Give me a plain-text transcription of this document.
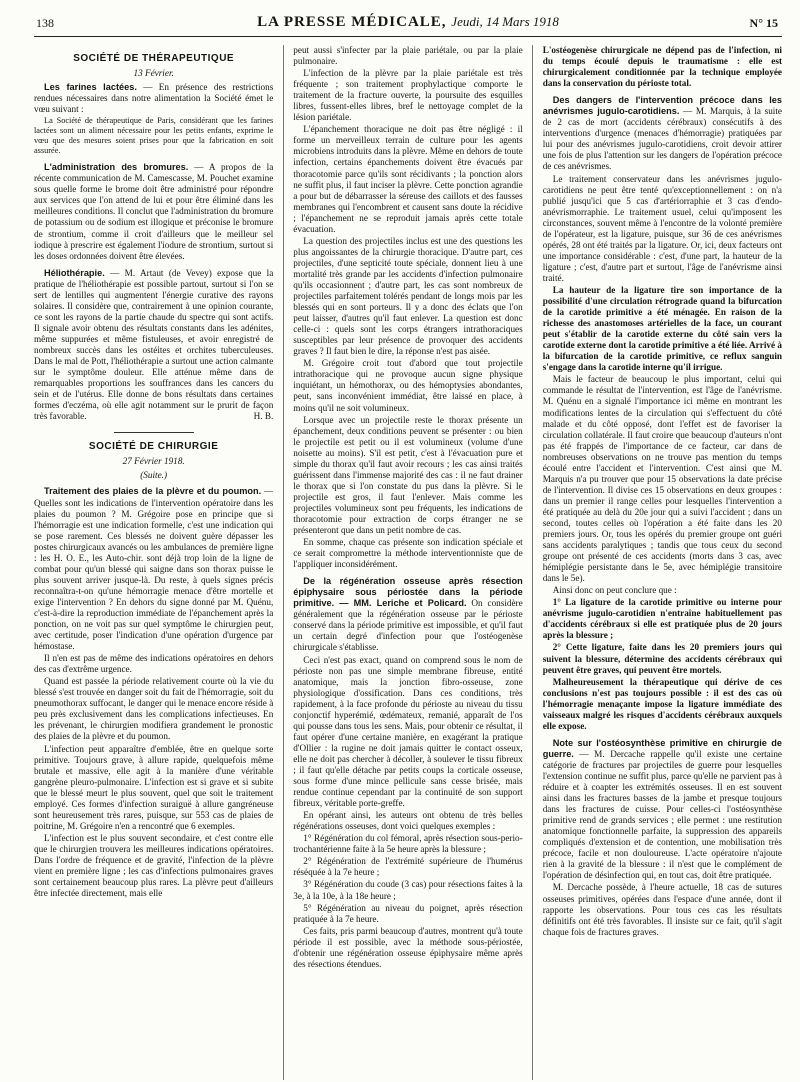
138	LA PRESSE MÉDICALE, Jeudi, 14 Mars 1918	N° 15
SOCIÉTÉ DE THÉRAPEUTIQUE
13 Février.

Les farines lactées. — En présence des restrictions rendues nécessaires dans notre alimentation la Société émet le vœu suivant :

La Société de thérapeutique de Paris, considérant que les farines lactées sont un aliment nécessaire pour les petits enfants, exprime le vœu que des mesures soient prises pour que la fabrication en soit assurée.

L'administration des bromures. — A propos de la récente communication de M. Camescasse, M. Pouchet examine sous quelle forme le brome doit être administré pour répondre aux services que l'on attend de lui et pour être éliminé dans les meilleures conditions. Il conclut que l'administration du bromure de potassium ou de sodium est illogique et préconise le bromure de strontium, comme il croit d'ailleurs que le meilleur sel iodique à prescrire est également l'iodure de strontium, surtout si les doses ordonnées doivent être élevées.

Héliothérapie. — M. Artaut (de Vevey) expose que la pratique de l'héliothérapie est possible partout, surtout si l'on se sert de lentilles qui augmentent l'énergie curative des rayons solaires. Il considère que, contrairement à une opinion courante, ce sont les rayons de la partie chaude du spectre qui sont actifs. Il signale avoir obtenu des résultats constants dans les adénites, même suppurées et même fistuleuses, et avoir enregistré de nombreux succès dans les ostéites et orchites tuberculeuses. Dans le mal de Pott, l'héliothérapie a surtout une action calmante sur le symptôme douleur. Elle atténue même dans de remarquables proportions les souffrances dans les cancers du sein et de l'utérus. Elle donne de bons résultats dans certaines formes d'eczéma, où elle agit notamment sur le prurit de façon très favorable.	H. B.

SOCIÉTÉ DE CHIRURGIE
27 Février 1918.
(Suite.)

Traitement des plaies de la plèvre et du poumon. — Quelles sont les indications de l'intervention opératoire dans les plaies du poumon ? M. Grégoire pose en principe que si l'hémorragie est une indication formelle, c'est une indication qui se pose rarement. Ces blessés ne doivent guère dépasser les postes chirurgicaux avancés ou les ambulances de première ligne : les H. O. E., les Auto-chir. sont déjà trop loin de la ligne de combat pour qu'un blessé qui saigne dans son thorax puisse le plus souvent arriver jusque-là. Du reste, à quels signes précis reconnaîtra-t-on qu'une hémorragie menace d'être mortelle et exige l'intervention ? En dehors du signe donné par M. Quénu, c'est-à-dire la reproduction immédiate de l'épanchement après la ponction, on ne voit pas sur quel symptôme le chirurgien peut, avec certitude, poser l'indication d'une opération d'urgence par hémostase.

Il n'en est pas de même des indications opératoires en dehors des cas d'extrême urgence.

Quand est passée la période relativement courte où la vie du blessé s'est trouvée en danger soit du fait de l'hémorragie, soit du pneumothorax suffocant, le danger qui le menace encore réside à peu près exclusivement dans les complications infectieuses. En les prévenant, le chirurgien modifiera grandement le pronostic des plaies de la plèvre et du poumon.

L'infection peut apparaître d'emblée, être en quelque sorte primitive. Toujours grave, à allure rapide, quelquefois même brutale et massive, elle agit à la manière d'une véritable gangrène pleuro-pulmonaire. L'infection est si grave et si subite que le blessé meurt le plus souvent, quel que soit le traitement employé. Ces formes d'infection suraiguë à allure gangréneuse sont heureusement très rares, puisque, sur 553 cas de plaies de poitrine, M. Grégoire n'en a rencontré que 6 exemples.

L'infection est le plus souvent secondaire, et c'est contre elle que le chirurgien trouvera les meilleures indications opératoires. Dans l'ordre de fréquence et de gravité, l'infection de la plèvre vient en première ligne ; les cas d'infections pulmonaires graves sont certainement beaucoup plus rares. La plèvre peut d'ailleurs être infectée directement, mais elle

peut aussi s'infecter par la plaie pariétale, ou par la plaie pulmonaire.

L'infection de la plèvre par la plaie pariétale est très fréquente ; son traitement prophylactique comporte le traitement de la fracture ouverte, la poursuite des esquilles libres, fussent-elles libres, bref le nettoyage complet de la lésion pariétale.

L'épanchement thoracique ne doit pas être négligé : il forme un merveilleux terrain de culture pour les agents microbiens introduits dans la plèvre. Même en dehors de toute infection, certains épanchements doivent être évacués par thoracotomie parce qu'ils sont récidivants ; la ponction alors ne suffit plus, il faut inciser la plèvre. Cette ponction agrandie a pour but de débarrasser la séreuse des caillots et des fausses membranes qui l'encombrent et causent sans doute la récidive ; l'épanchement ne se reproduit jamais après cette totale évacuation.

La question des projectiles inclus est une des questions les plus angoissantes de la chirurgie thoracique. D'autre part, ces projectiles, d'une septicité toute spéciale, donnent lieu à une mortalité très grande par les accidents d'infection pulmonaire qu'ils occasionnent ; d'autre part, les cas sont nombreux de projectiles parfaitement tolérés pendant de longs mois par les blessés qui en sont porteurs. Il y a donc des éclats que l'on peut laisser, d'autres qu'il faut enlever. La question est donc celle-ci : quels sont les corps étrangers intrathoraciques susceptibles par leur présence de provoquer des accidents graves ? Il faut bien le dire, la réponse n'est pas aisée.

M. Grégoire croit tout d'abord que tout projectile intrathoracique qui ne provoque aucun signe physique inquiétant, un hémothorax, ou des hémoptysies abondantes, peut, sans inconvénient immédiat, être laissé en place, à moins qu'il ne soit volumineux.

Lorsque avec un projectile reste le thorax présente un épanchement, deux conditions peuvent se présenter : ou bien le projectile est petit ou il est volumineux (volume d'une noisette au moins). S'il est petit, c'est à l'évacuation pure et simple du thorax qu'il faut avoir recours ; les cas ainsi traités guérissent dans l'immense majorité des cas : il ne faut drainer le thorax que si l'on constate du pus dans la plèvre. Si le projectile est gros, il faut l'enlever. Mais comme les projectiles volumineux sont peu fréquents, les indications de thoracotomie pour extraction de corps étranger ne se présenteront que dans un petit nombre de cas.

En somme, chaque cas présente son indication spéciale et ce serait compromettre la méthode interventionniste que de l'appliquer inconsidérément.

De la régénération osseuse après résection épiphysaire sous périostée dans la période primitive. — MM. Leriche et Policard. On considère généralement que la régénération osseuse par le périoste conservé dans la période primitive est impossible, et qu'il faut un certain degré d'infection pour que l'ostéogenèse chirurgicale s'établisse.

Ceci n'est pas exact, quand on comprend sous le nom de périoste non pas une simple membrane fibreuse, entité anatomique, mais la jonction fibro-osseuse, zone physiologique d'ossification. Dans ces conditions, très rapidement, à la face profonde du périoste au niveau du tissu conjonctif hyperémié, œdémateux, remanié, apparaît de l'os qui pousse dans tous les sens. Mais, pour obtenir ce résultat, il faut opérer d'une certaine manière, en exagérant la pratique d'Ollier : la rugine ne doit jamais quitter le contact osseux, elle ne doit pas chercher à décoller, à soulever le tissu fibreux ; il faut qu'elle détache par petits coups la corticale osseuse, sous forme d'une mince pellicule sans cesse brisée, mais rendue continue cependant par la continuité de son support fibreux, véritable porte-greffe.

En opérant ainsi, les auteurs ont obtenu de très belles régénérations osseuses, dont voici quelques exemples :

1° Régénération du col fémoral, après résection sous-perio-trochantérienne faite à la 5e heure après la blessure ;

2° Régénération de l'extrémité supérieure de l'humérus réséquée à la 7e heure ;

3° Régénération du coude (3 cas) pour résections faites à la 3e, à la 10e, à la 18e heure ;

5° Régénération au niveau du poignet, après résection pratiquée à la 7e heure.

Ces faits, pris parmi beaucoup d'autres, montrent qu'à toute période il est possible, avec la méthode sous-périostée, d'obtenir une régénération osseuse épiphysaire même après des résections étendues.

L'ostéogenèse chirurgicale ne dépend pas de l'infection, ni du temps écoulé depuis le traumatisme : elle est chirurgicalement conditionnée par la technique employée dans la conservation du périoste total.

Des dangers de l'intervention précoce dans les anévrismes jugulo-carotidiens. — M. Marquis, à la suite de 2 cas de mort (accidents cérébraux) consécutifs à des interventions d'urgence (menaces d'hémorragie) pratiquées par lui pour des anévrismes jugulo-carotidiens, croit devoir attirer une fois de plus l'attention sur les dangers de l'opération précoce de ces anévrismes.

Le traitement conservateur dans les anévrismes jugulo-carotidiens ne peut être tenté qu'exceptionnellement : on n'a publié jusqu'ici que 5 cas d'artériorraphie et 3 cas d'endo-anévrismorraphie. Le traitement usuel, celui qu'imposent les circonstances, souvent même à l'encontre de la volonté première de l'opérateur, est la ligature, puisque, sur 36 de ces anévrismes opérés, 28 ont été traités par la ligature. Or, ici, deux facteurs ont une importance considérable : c'est, d'une part, la hauteur de la ligature ; c'est, d'autre part et surtout, l'âge de l'anévrisme ainsi traité.

La hauteur de la ligature tire son importance de la possibilité d'une circulation rétrograde quand la bifurcation de la carotide primitive a été ménagée. En raison de la richesse des anastomoses artérielles de la face, un courant peut s'établir de la carotide externe du côté sain vers la carotide externe dont la carotide primitive a été liée. Arrivé à la bifurcation de la carotide primitive, ce reflux sanguin s'engage dans la carotide interne qu'il irrigue.

Mais le facteur de beaucoup le plus important, celui qui commande le résultat de l'intervention, est l'âge de l'anévrisme. M. Quénu en a signalé l'importance ici même en montrant les modifications lentes de la circulation qui s'effectuent du côté malade et du côté opposé, dont l'effet est de favoriser la circulation collatérale. Il faut croire que beaucoup d'auteurs n'ont pas été frappés de l'importance de ce facteur, car dans de nombreuses observations on ne trouve pas mention du temps écoulé entre l'accident et l'intervention. C'est ainsi que M. Marquis n'a pu trouver que pour 15 observations la date précise de l'intervention. Il divise ces 15 observations en deux groupes : dans un premier il range celles pour lesquelles l'intervention a été pratiquée au delà du 20e jour qui a suivi l'accident ; dans un second, toutes celles où l'opération a été faite dans les 20 premiers jours. Or, tous les opérés du premier groupe ont guéri sans accidents paralytiques ; tandis que tous ceux du second groupe ont présenté de ces accidents (morts dans 3 cas, avec hémiplégie persistante dans le 5e, avec hémiplégie transitoire dans le 5e).

Ainsi donc on peut conclure que :

1° La ligature de la carotide primitive ou interne pour anévrisme jugulo-carotidien n'entraîne habituellement pas d'accidents cérébraux si elle est pratiquée plus de 20 jours après la blessure ;

2° Cette ligature, faite dans les 20 premiers jours qui suivent la blessure, détermine des accidents cérébraux qui peuvent être graves, qui peuvent être mortels.

Malheureusement la thérapeutique qui dérive de ces conclusions n'est pas toujours possible : il est des cas où l'hémorragie menaçante impose la ligature immédiate des vaisseaux malgré les risques d'accidents cérébraux auxquels elle expose.

Note sur l'ostéosynthèse primitive en chirurgie de guerre. — M. Dercache rappelle qu'il existe une certaine catégorie de fractures par projectiles de guerre pour lesquelles l'extension continue ne suffit plus, parce qu'elle ne parvient pas à réduire et à coapter les extrémités osseuses. Il en est souvent ainsi dans les fractures basses de la jambe et presque toujours dans les fractures de cuisse. Pour celles-ci l'ostéosynthèse primitive rend de grands services ; elle permet : une restitution anatomique fonctionnelle parfaite, la suppression des appareils compliqués d'extension et de contention, une mobilisation très précoce, facile et non douloureuse. L'acte opératoire n'ajoute rien à la gravité de la blessure : il n'est que le complément de l'opération de désinfection qui, en tout cas, doit être pratiquée.

M. Dercache possède, à l'heure actuelle, 18 cas de sutures osseuses primitives, opérées dans l'espace d'une année, dont il rapporte les observations. Pour tous ces cas les résultats définitifs ont été très favorables. Il insiste sur ce fait, qu'il s'agit chaque fois de fractures graves.
